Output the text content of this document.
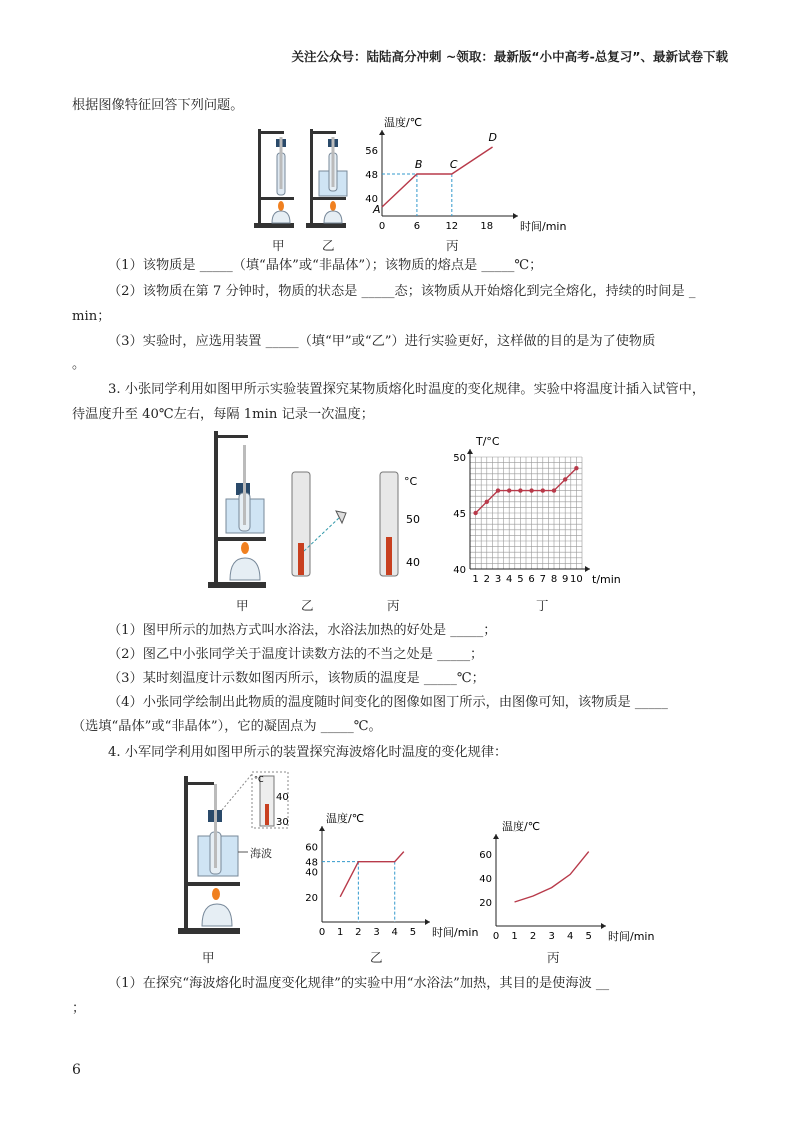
关注公众号：陆陆高分冲刺 ~领取：最新版“小中高考-总复习”、最新试卷下载
根据图像特征回答下列问题。
甲	乙	丙
时间/min
温度/℃
0	6	12 18
40
48
56
A
B C
D
（1）该物质是 _____（填“晶体”或“非晶体”）；该物质的熔点是 _____℃；
（2）该物质在第 7 分钟时，物质的状态是 _____态；该物质从开始熔化到完全熔化，持续的时间是 _
min；
（3）实验时，应选用装置 _____（填“甲”或“乙”）进行实验更好，这样做的目的是为了使物质
。
3. 小张同学利用如图甲所示实验装置探究某物质熔化时温度的变化规律。实验中将温度计插入试管中，
待温度升至 40℃左右，每隔 1min 记录一次温度；
°C
50
40
甲	乙	丙	丁
t/min
T/°C
1 2 3 4 5 6 7 8 9 10
40
45
50
（1）图甲所示的加热方式叫水浴法，水浴法加热的好处是 _____；
（2）图乙中小张同学关于温度计读数方法的不当之处是 _____；
（3）某时刻温度计示数如图丙所示，该物质的温度是 _____℃；
（4）小张同学绘制出此物质的温度随时间变化的图像如图丁所示，由图像可知，该物质是 _____
（选填“晶体”或“非晶体”），它的凝固点为 _____℃。
4. 小军同学利用如图甲所示的装置探究海波熔化时温度的变化规律：
°C
40
30
海波
甲	乙	丙
时间/min
温度/℃
0 1 2 3 4 5
20
40
48
60
时间/min
温度/℃
0 1 2 3 4 5
20
40
60
（1）在探究“海波熔化时温度变化规律”的实验中用“水浴法”加热，其目的是使海波 __
；
6
